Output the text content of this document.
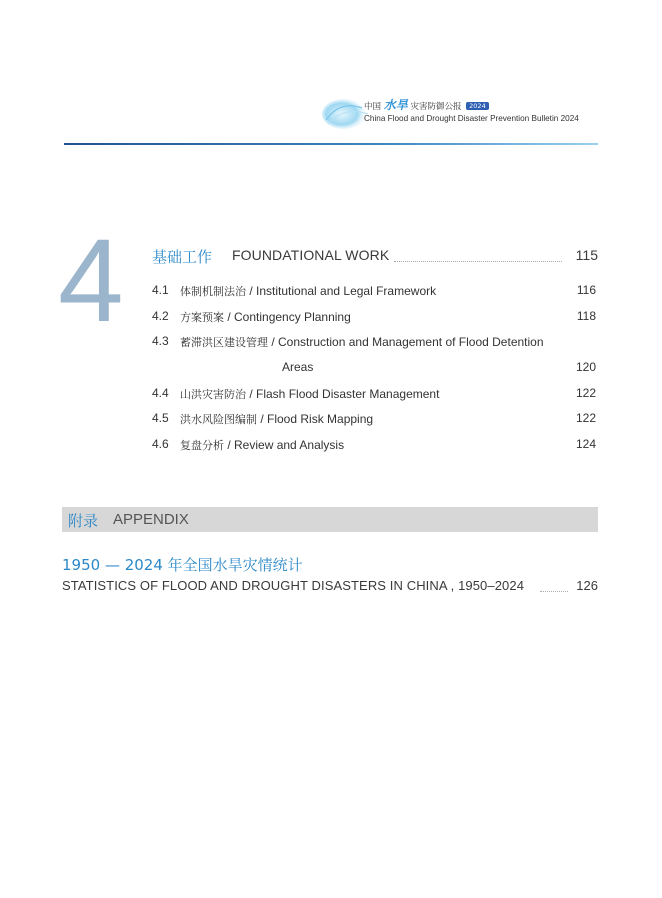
中国 水旱 灾害防御公报 2024
China Flood and Drought Disaster Prevention Bulletin 2024
4 基础工作 FOUNDATIONAL WORK	115
4.1 体制机制法治 / Institutional and Legal Framework	116
4.2 方案预案 / Contingency Planning	118
4.3 蓄滞洪区建设管理 / Construction and Management of Flood Detention
Areas	120
4.4 山洪灾害防治 / Flash Flood Disaster Management	122
4.5 洪水风险图编制 / Flood Risk Mapping	122
4.6 复盘分析 / Review and Analysis	124
附录 APPENDIX
1950 — 2024 年全国水旱灾情统计
STATISTICS OF FLOOD AND DROUGHT DISASTERS IN CHINA , 1950–2024	126
